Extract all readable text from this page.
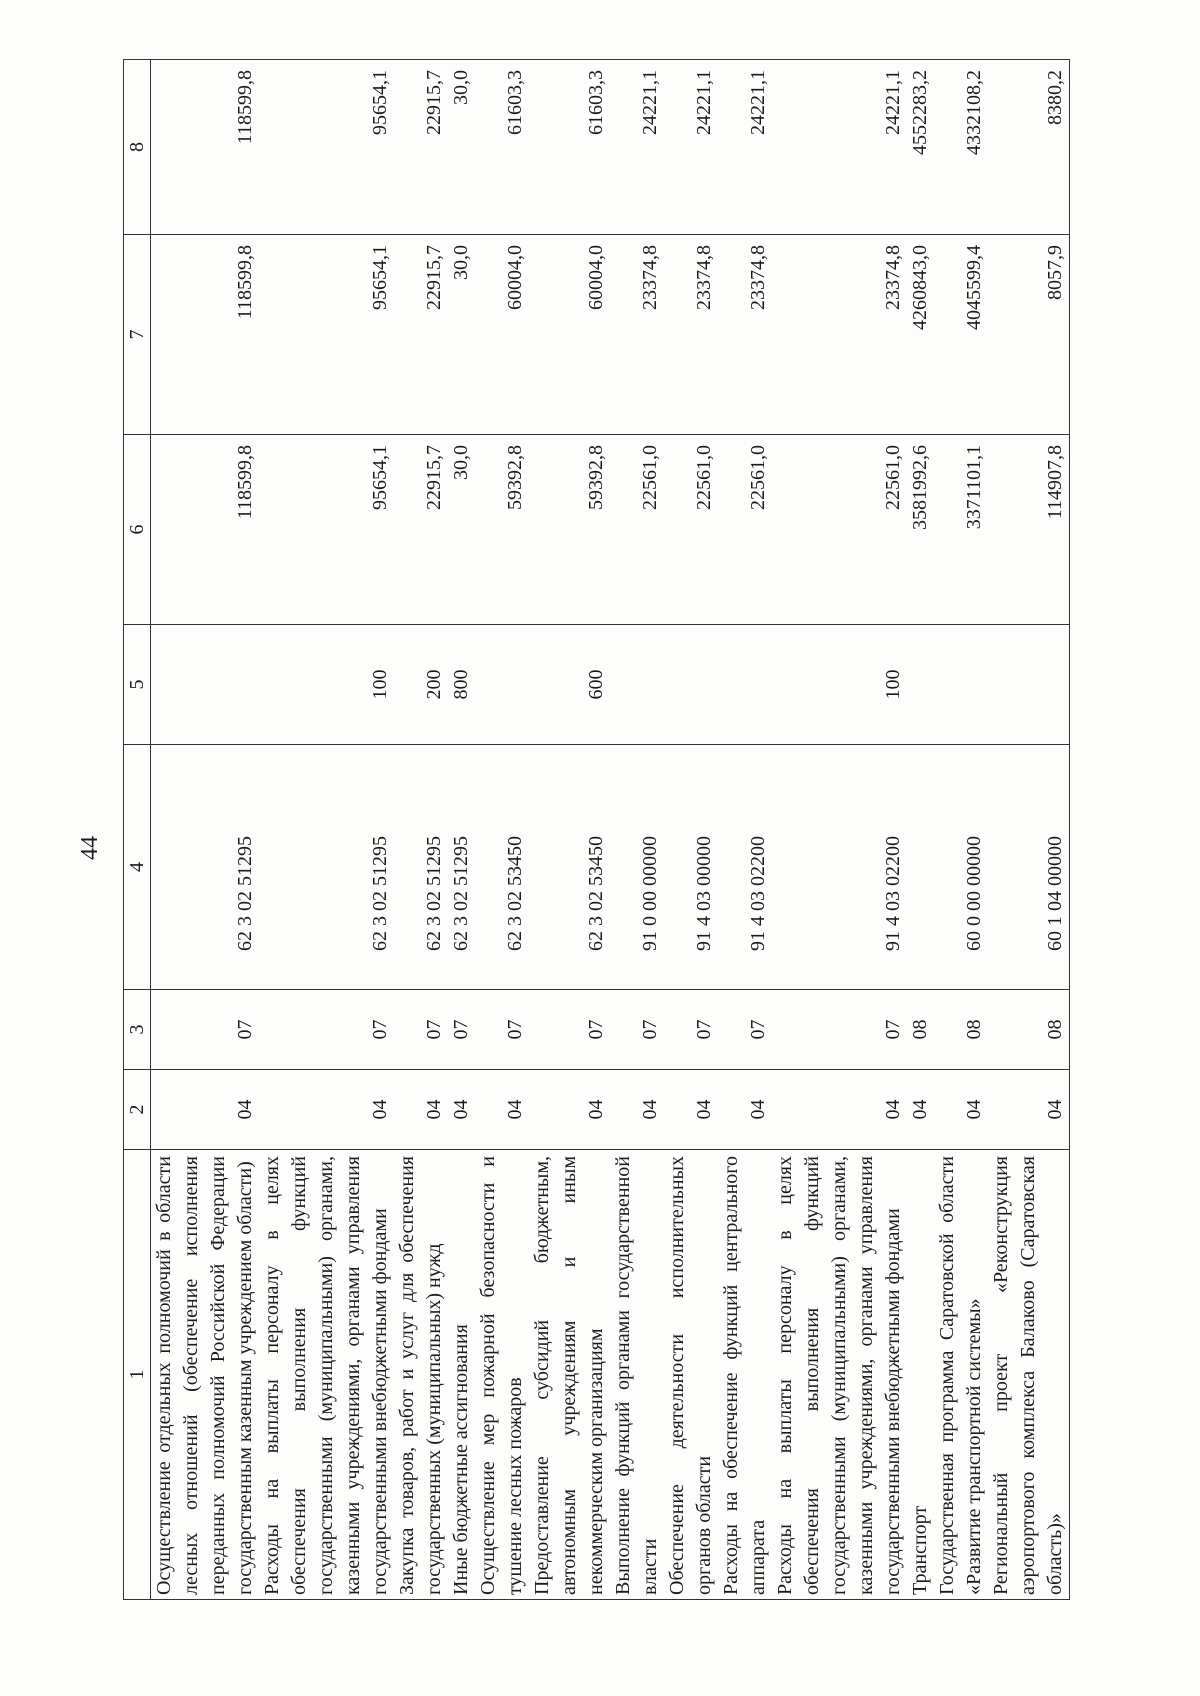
44
1	2	3	4	5	6	7	8
Осуществление отдельных полномочий в области лесных отношений (обеспечение исполнения переданных полномочий Российской Федерации государственным казенным учреждением области)	04	07	62 3 02 51295		118599,8	118599,8	118599,8
Расходы на выплаты персоналу в целях обеспечения выполнения функций государственными (муниципальными) органами, казенными учреждениями, органами управления государственными внебюджетными фондами	04	07	62 3 02 51295	100	95654,1	95654,1	95654,1
Закупка товаров, работ и услуг для обеспечения государственных (муниципальных) нужд	04	07	62 3 02 51295	200	22915,7	22915,7	22915,7
Иные бюджетные ассигнования	04	07	62 3 02 51295	800	30,0	30,0	30,0
Осуществление мер пожарной безопасности и тушение лесных пожаров	04	07	62 3 02 53450		59392,8	60004,0	61603,3
Предоставление субсидий бюджетным, автономным учреждениям и иным некоммерческим организациям	04	07	62 3 02 53450	600	59392,8	60004,0	61603,3
Выполнение функций органами государственной власти	04	07	91 0 00 00000		22561,0	23374,8	24221,1
Обеспечение деятельности исполнительных органов области	04	07	91 4 03 00000		22561,0	23374,8	24221,1
Расходы на обеспечение функций центрального аппарата	04	07	91 4 03 02200		22561,0	23374,8	24221,1
Расходы на выплаты персоналу в целях обеспечения выполнения функций государственными (муниципальными) органами, казенными учреждениями, органами управления государственными внебюджетными фондами	04	07	91 4 03 02200	100	22561,0	23374,8	24221,1
Транспорт	04	08			3581992,6	4260843,0	4552283,2
Государственная программа Саратовской области «Развитие транспортной системы»	04	08	60 0 00 00000		3371101,1	4045599,4	4332108,2
Региональный проект «Реконструкция аэропортового комплекса Балаково (Саратовская область)»	04	08	60 1 04 00000		114907,8	8057,9	8380,2
